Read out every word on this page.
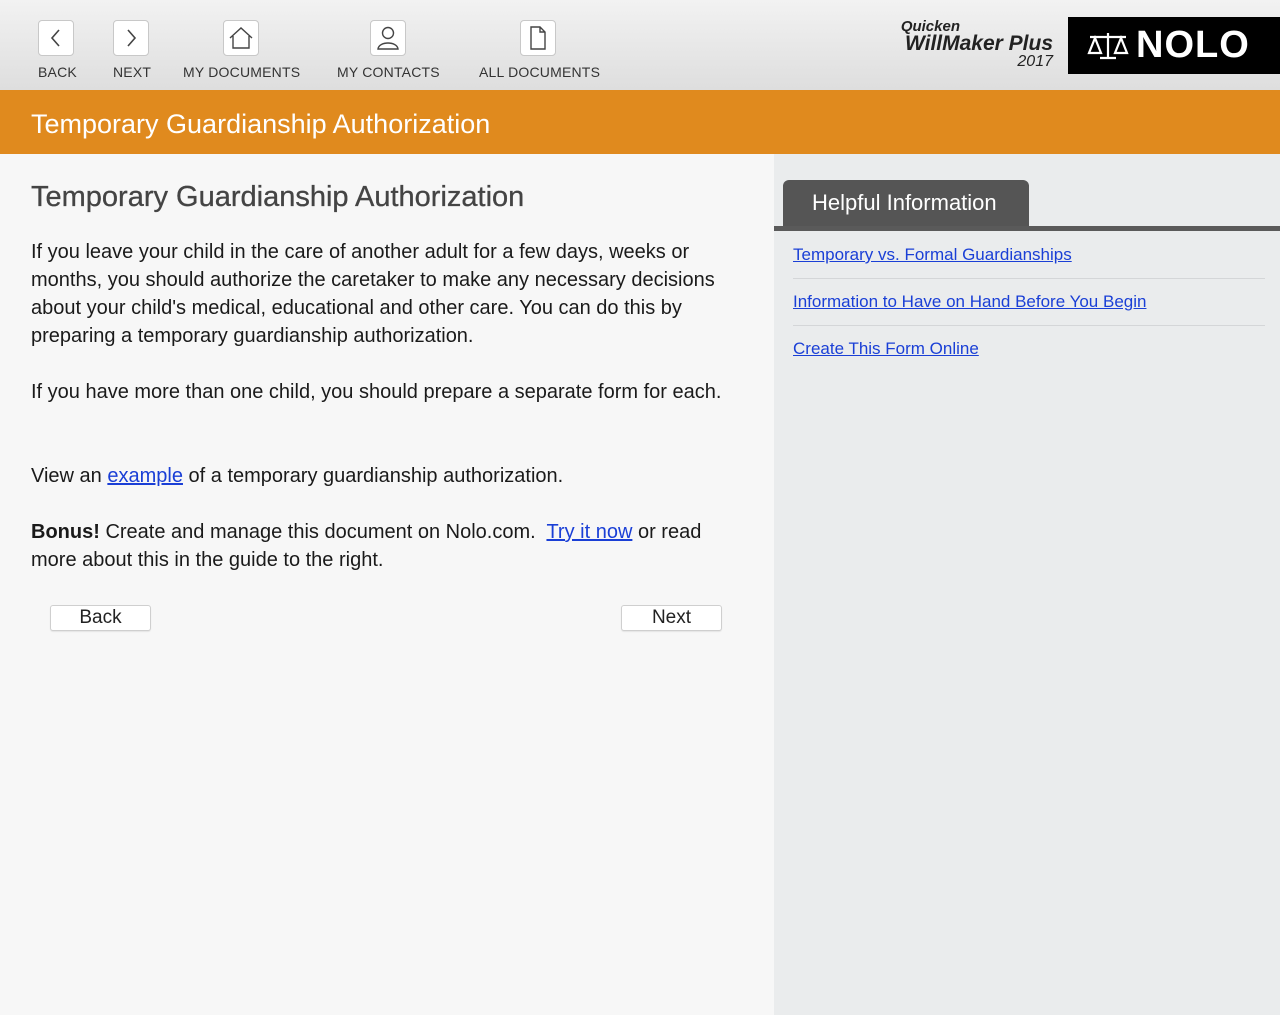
BACK	NEXT MY DOCUMENTS	MY CONTACTS	ALL DOCUMENTS
Quicken
WillMaker Plus
2017 NOLO
Temporary Guardianship Authorization
Temporary Guardianship Authorization

If you leave your child in the care of another adult for a few days, weeks or months, you should authorize the caretaker to make any necessary decisions about your child's medical, educational and other care. You can do this by preparing a temporary guardianship authorization.

If you have more than one child, you should prepare a separate form for each.

View an example of a temporary guardianship authorization.

Bonus! Create and manage this document on Nolo.com.  Try it now or read more about this in the guide to the right.

Back	Next
Helpful Information
Temporary vs. Formal Guardianships
Information to Have on Hand Before You Begin
Create This Form Online
